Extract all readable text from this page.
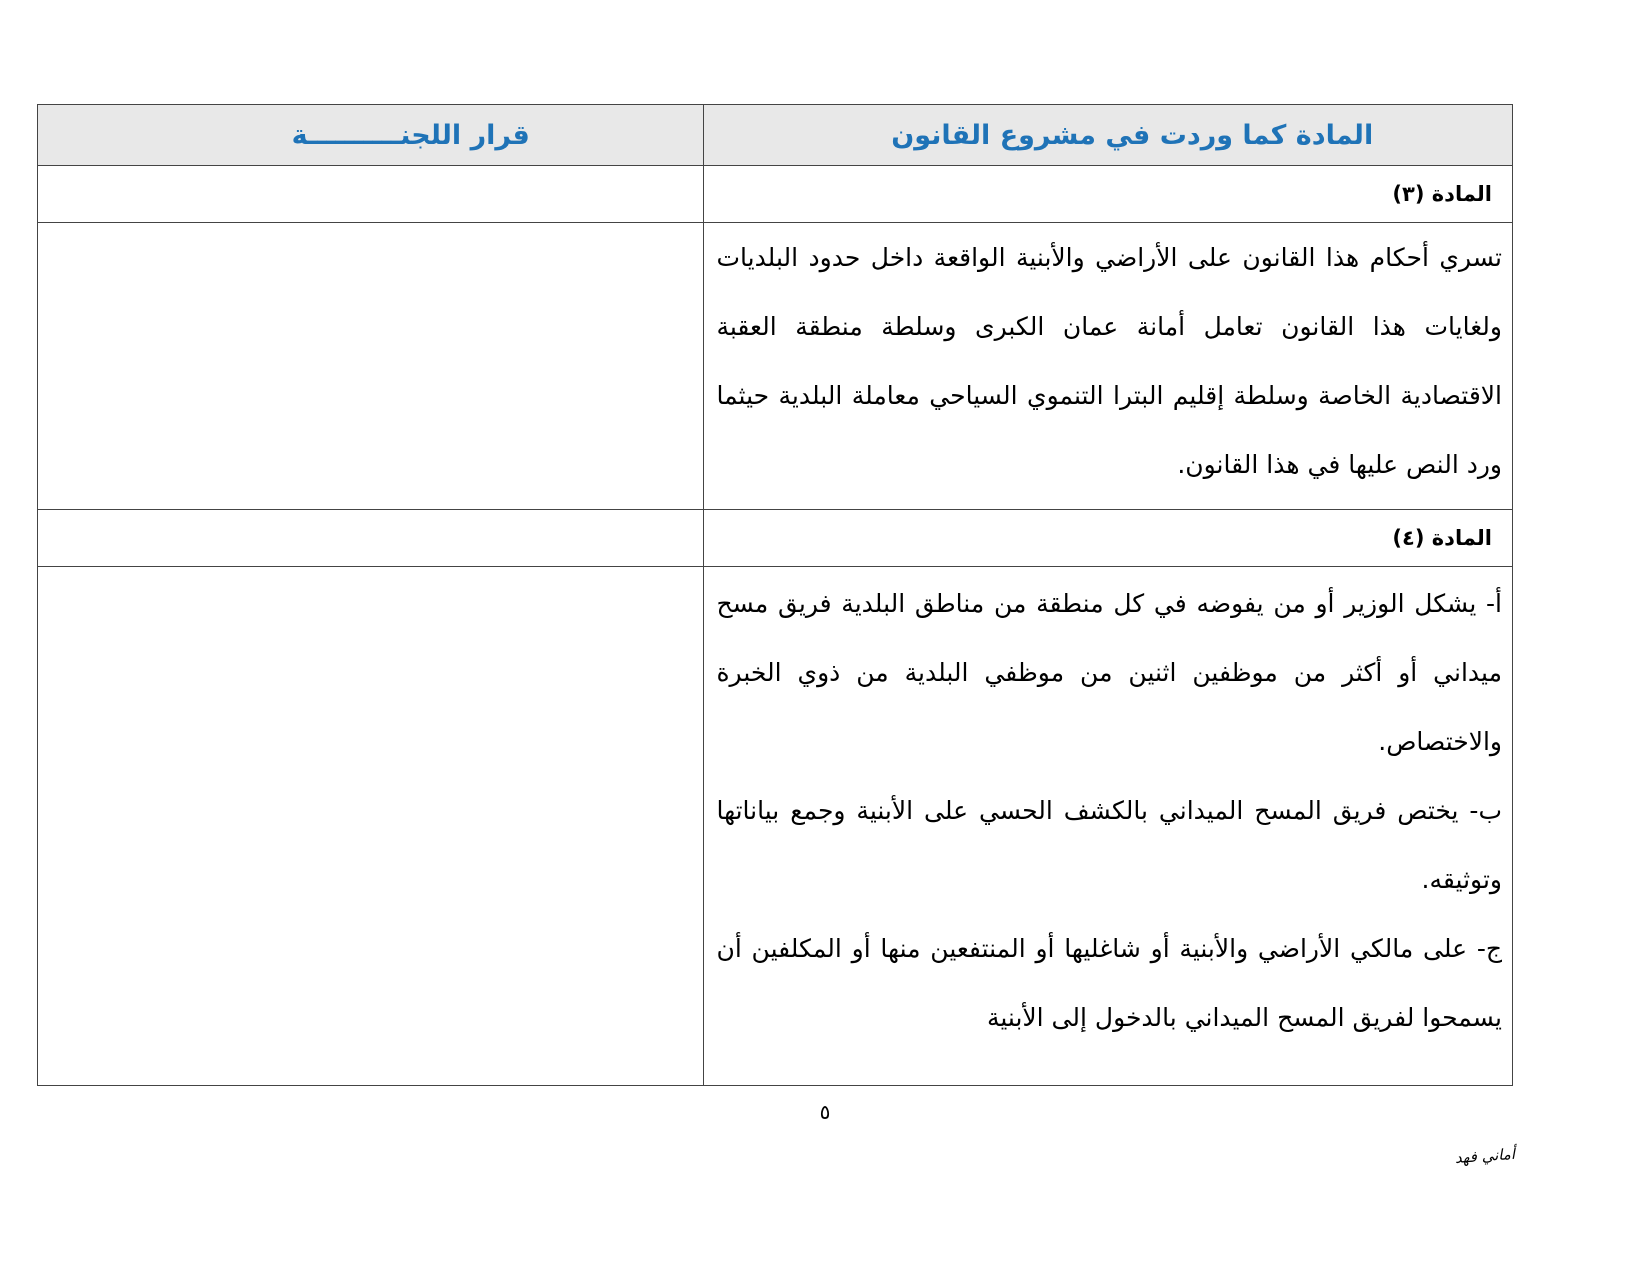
المادة كما وردت في مشروع القانون	قرار اللجنــــــــــة

المادة (٣)	

تسري أحكام هذا القانون على الأراضي والأبنية الواقعة داخل حدود البلديات ولغايات هذا القانون تعامل أمانة عمان الكبرى وسلطة منطقة العقبة الاقتصادية الخاصة وسلطة إقليم البترا التنموي السياحي معاملة البلدية حيثما ورد النص عليها في هذا القانون.	

المادة (٤)	

أ- يشكل الوزير أو من يفوضه في كل منطقة من مناطق البلدية فريق مسح ميداني أو أكثر من موظفين اثنين من موظفي البلدية من ذوي الخبرة والاختصاص.

ب- يختص فريق المسح الميداني بالكشف الحسي على الأبنية وجمع بياناتها وتوثيقه.

ج- على مالكي الأراضي والأبنية أو شاغليها أو المنتفعين منها أو المكلفين أن يسمحوا لفريق المسح الميداني بالدخول إلى الأبنية	

٥
أماني فهد
